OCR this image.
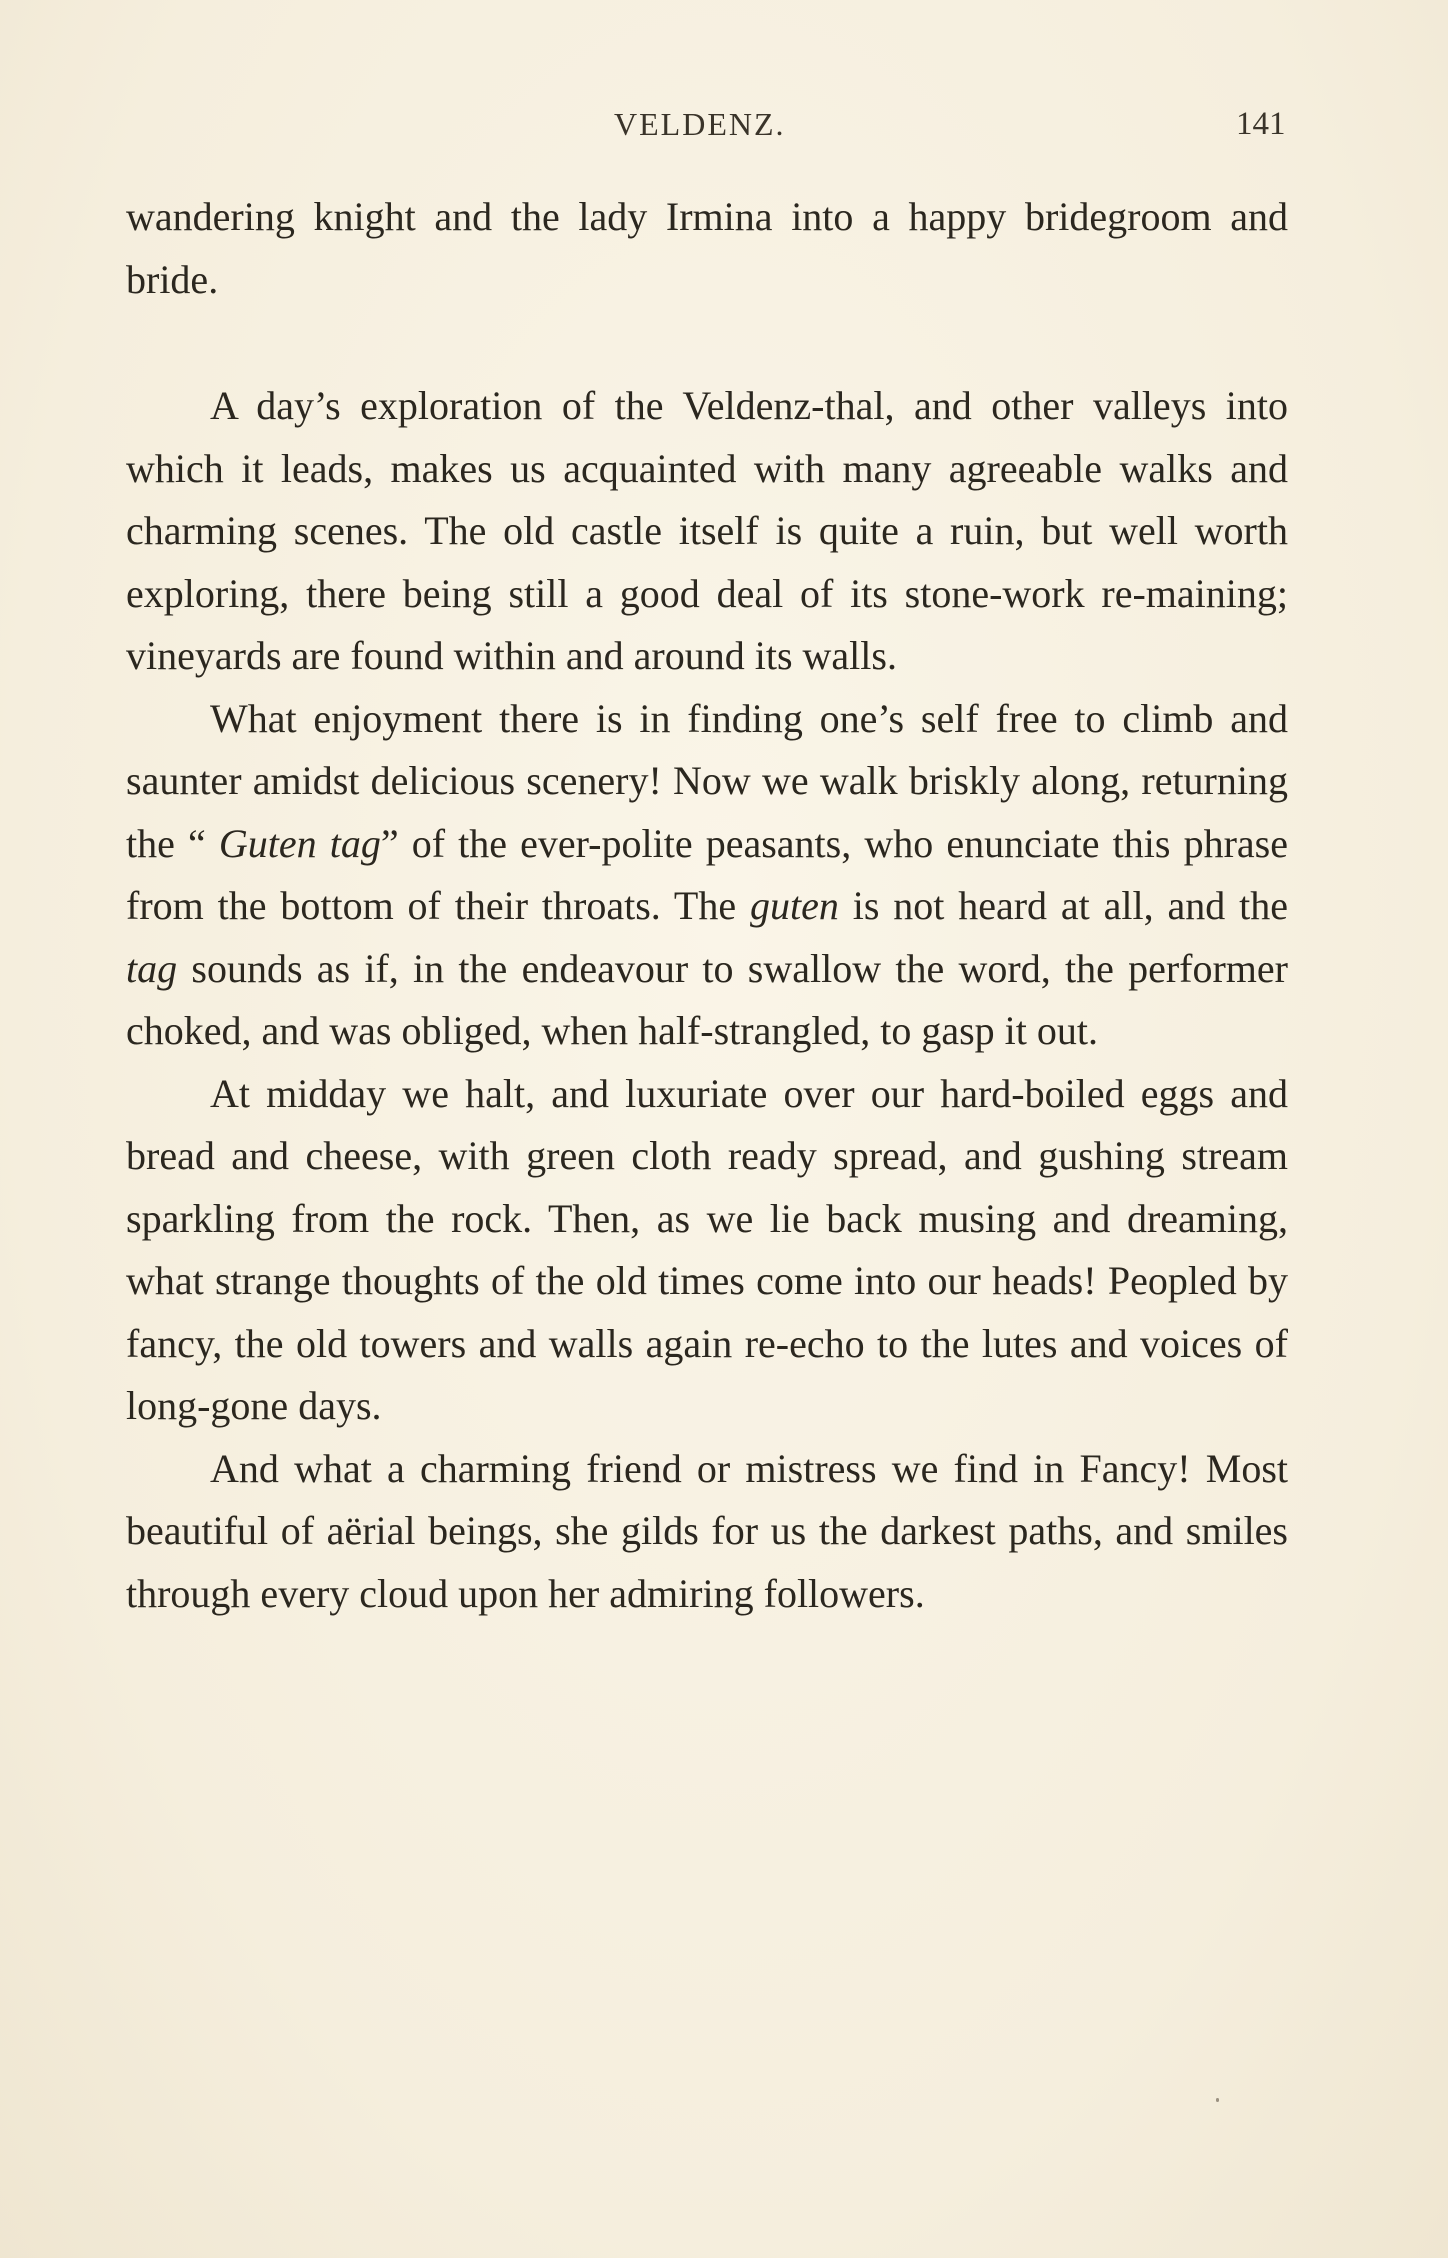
VELDENZ.	141

wandering knight and the lady Irmina into a happy bridegroom and bride.

A day’s exploration of the Veldenz-thal, and other valleys into which it leads, makes us acquainted with many agreeable walks and charming scenes. The old castle itself is quite a ruin, but well worth exploring, there being still a good deal of its stone-work re-maining; vineyards are found within and around its walls.

What enjoyment there is in finding one’s self free to climb and saunter amidst delicious scenery! Now we walk briskly along, returning the “ Guten tag” of the ever-polite peasants, who enunciate this phrase from the bottom of their throats. The guten is not heard at all, and the tag sounds as if, in the endeavour to swallow the word, the performer choked, and was obliged, when half-strangled, to gasp it out.

At midday we halt, and luxuriate over our hard-boiled eggs and bread and cheese, with green cloth ready spread, and gushing stream sparkling from the rock. Then, as we lie back musing and dreaming, what strange thoughts of the old times come into our heads! Peopled by fancy, the old towers and walls again re-echo to the lutes and voices of long-gone days.

And what a charming friend or mistress we find in Fancy! Most beautiful of aërial beings, she gilds for us the darkest paths, and smiles through every cloud upon her admiring followers.
